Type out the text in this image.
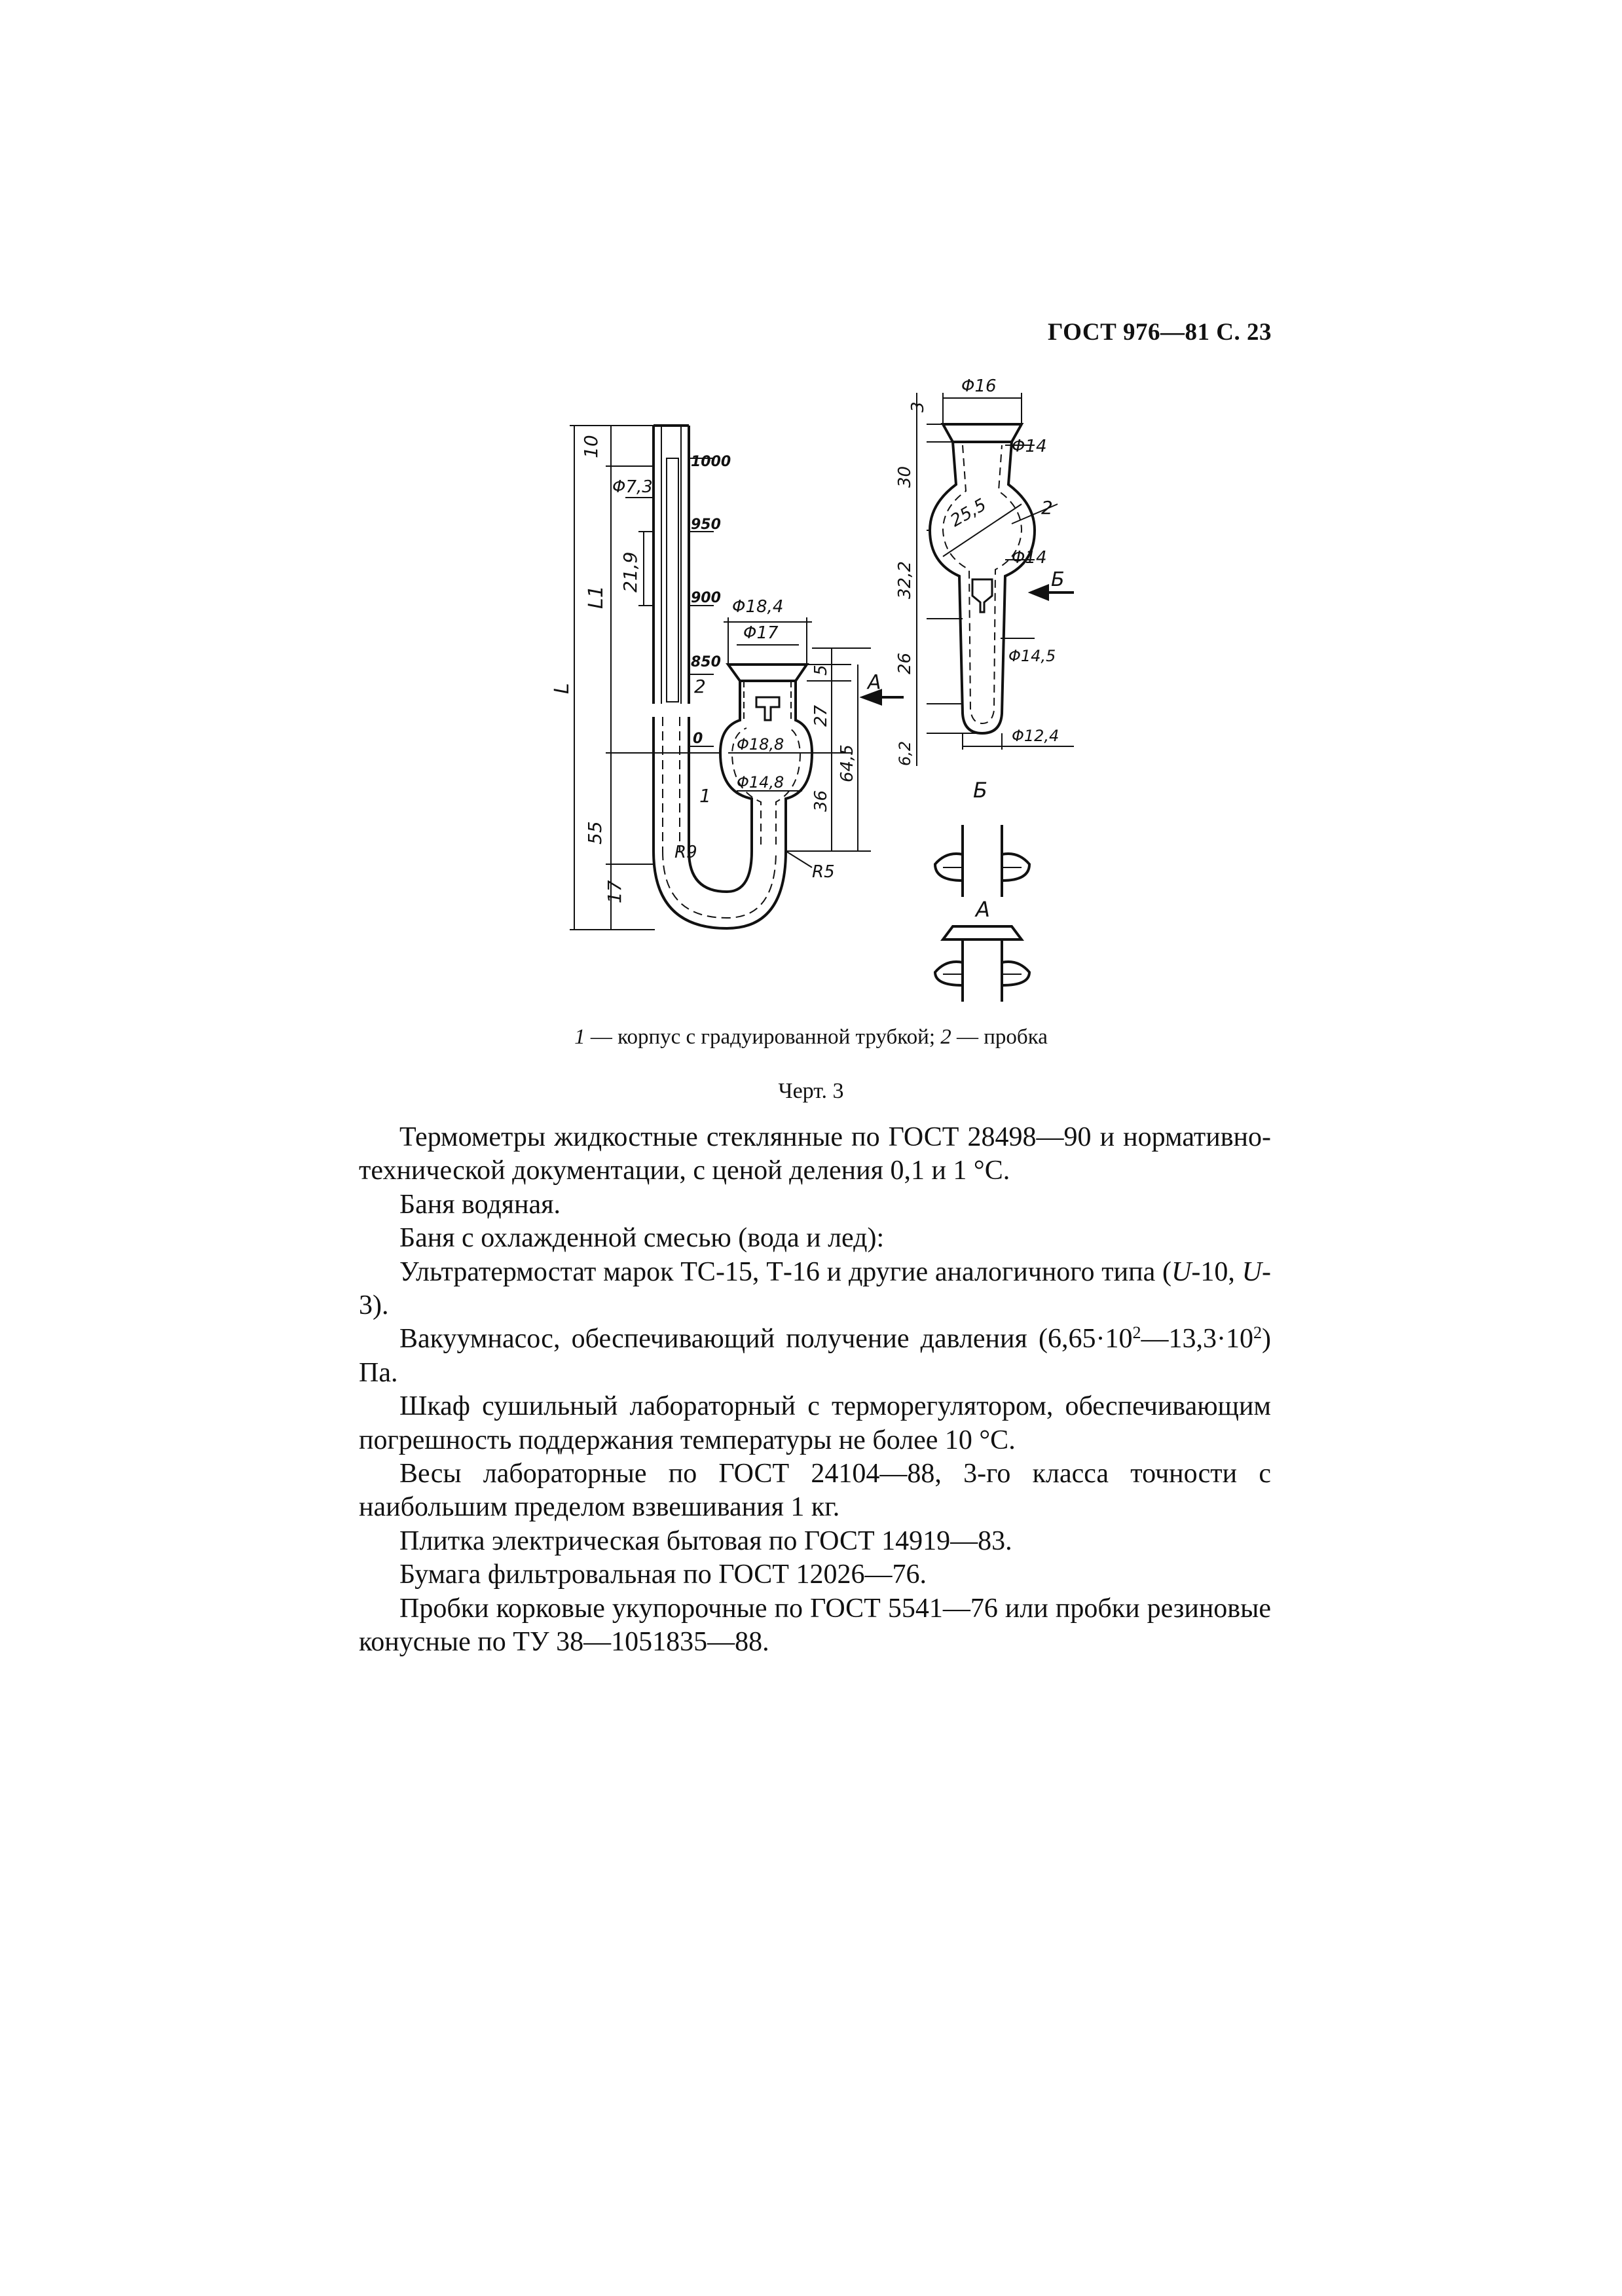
ГОСТ 976—81 С. 23
1000
950
900
850
0
10
Φ7,3
21,9
L1
L
55
17
Φ18,4
Φ17
А
5
27
64,5
36
Φ18,8
Φ14,8
R9
R5
1
2
3
Φ16
Φ14
30
25,5	2
Φ14
32,2	Б
26	Φ14,5
6,2
Φ12,4
Б
А
1 — корпус с градуированной трубкой; 2 — пробка
Черт. 3

Термометры жидкостные стеклянные по ГОСТ 28498—90 и нормативно-технической документации, с ценой деления 0,1 и 1 °С.

Баня водяная.

Баня с охлажденной смесью (вода и лед):

Ультратермостат марок ТС-15, Т-16 и другие аналогичного типа (U-10, U-3).

Вакуумнасос, обеспечивающий получение давления $(6,65\cdot 10^2—13,3\cdot 10^2)$ Па.

Шкаф сушильный лабораторный с терморегулятором, обеспечивающим погрешность поддержания температуры не более 10 °С.

Весы лабораторные по ГОСТ 24104—88, 3-го класса точности с наибольшим пределом взвешивания 1 кг.

Плитка электрическая бытовая по ГОСТ 14919—83.

Бумага фильтровальная по ГОСТ 12026—76.

Пробки корковые укупорочные по ГОСТ 5541—76 или пробки резиновые конусные по ТУ 38—1051835—88.
